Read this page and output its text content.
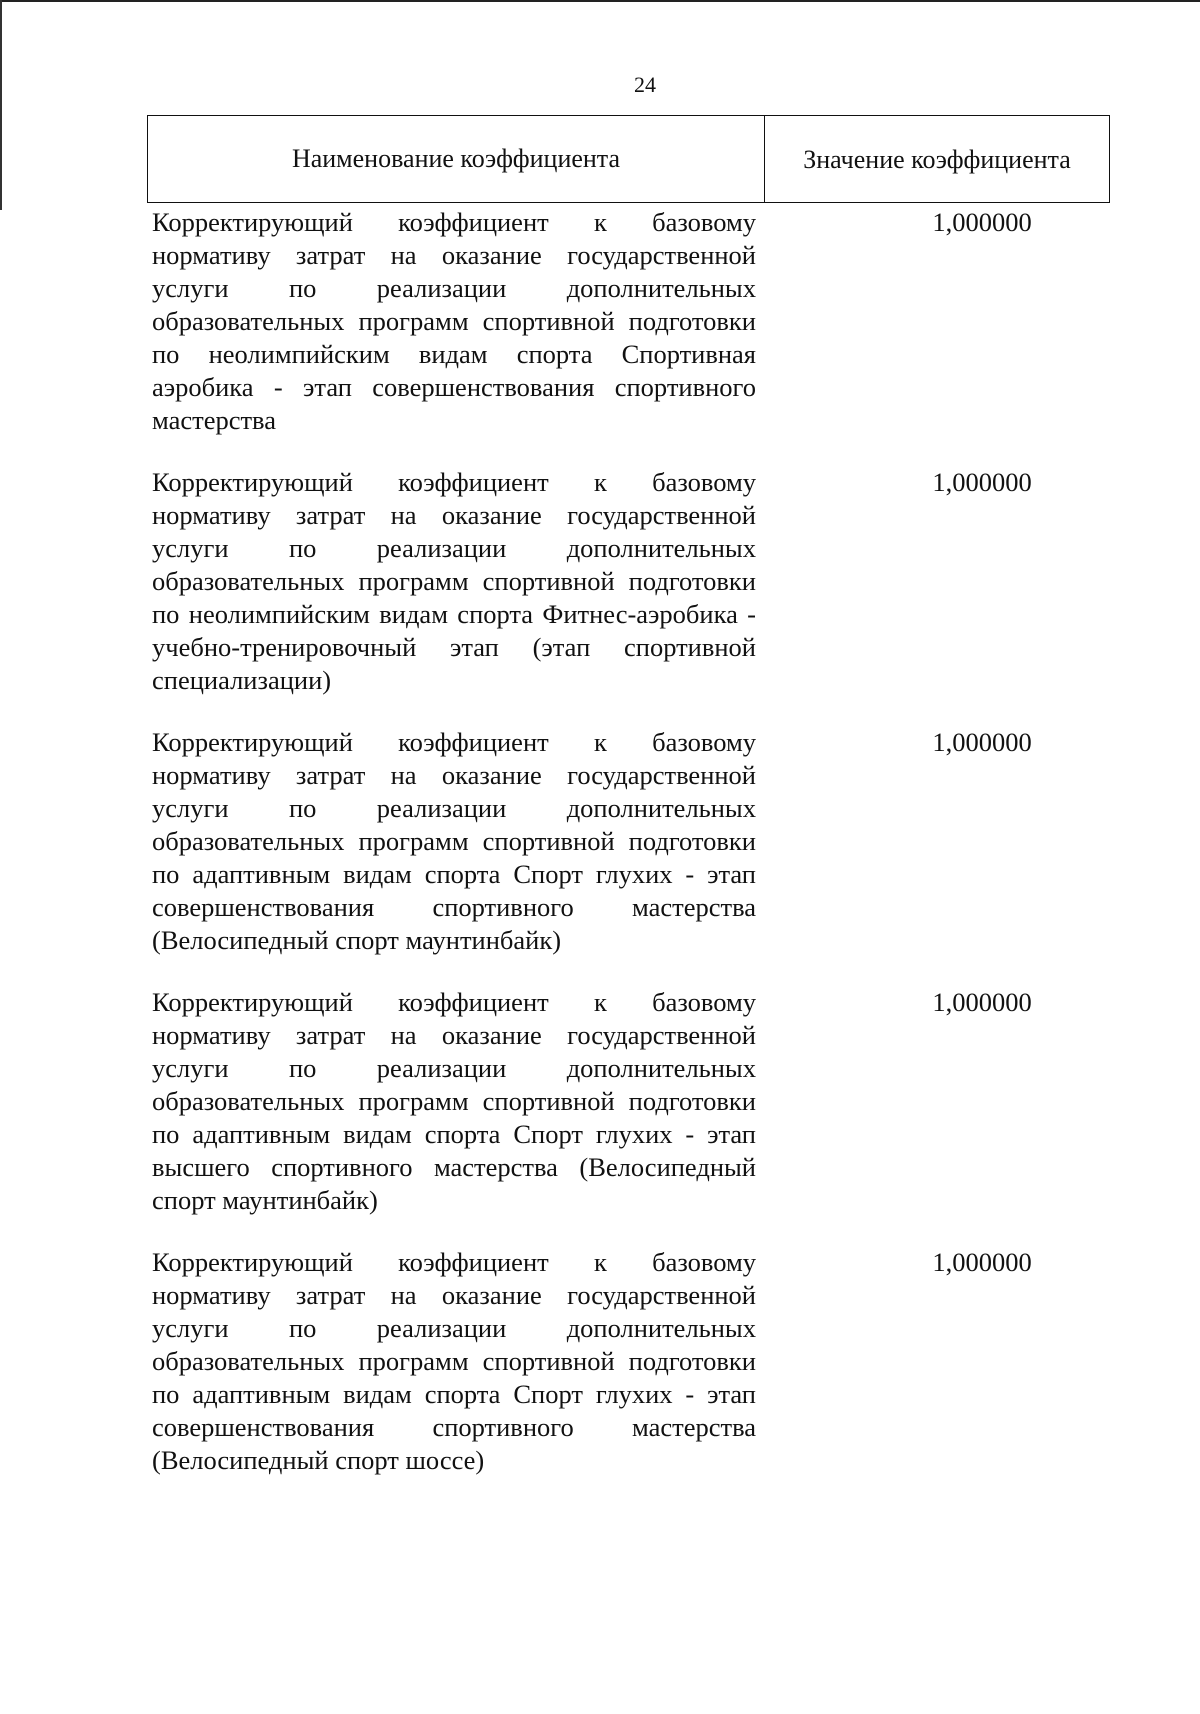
24
Наименование коэффициента	Значение коэффициента
Корректирующий коэффициент к базовому нормативу затрат на оказание государственной услуги по реализации дополнительных образовательных программ спортивной подготовки по неолимпийским видам спорта Спортивная аэробика - этап совершенствования спортивного мастерства
1,000000
Корректирующий коэффициент к базовому нормативу затрат на оказание государственной услуги по реализации дополнительных образовательных программ спортивной подготовки по неолимпийским видам спорта Фитнес-аэробика - учебно-тренировочный этап (этап спортивной специализации)
1,000000
Корректирующий коэффициент к базовому нормативу затрат на оказание государственной услуги по реализации дополнительных образовательных программ спортивной подготовки по адаптивным видам спорта Спорт глухих - этап совершенствования спортивного мастерства (Велосипедный спорт маунтинбайк)
1,000000
Корректирующий коэффициент к базовому нормативу затрат на оказание государственной услуги по реализации дополнительных образовательных программ спортивной подготовки по адаптивным видам спорта Спорт глухих - этап высшего спортивного мастерства (Велосипедный спорт маунтинбайк)
1,000000
Корректирующий коэффициент к базовому нормативу затрат на оказание государственной услуги по реализации дополнительных образовательных программ спортивной подготовки по адаптивным видам спорта Спорт глухих - этап совершенствования спортивного мастерства (Велосипедный спорт шоссе)
1,000000
